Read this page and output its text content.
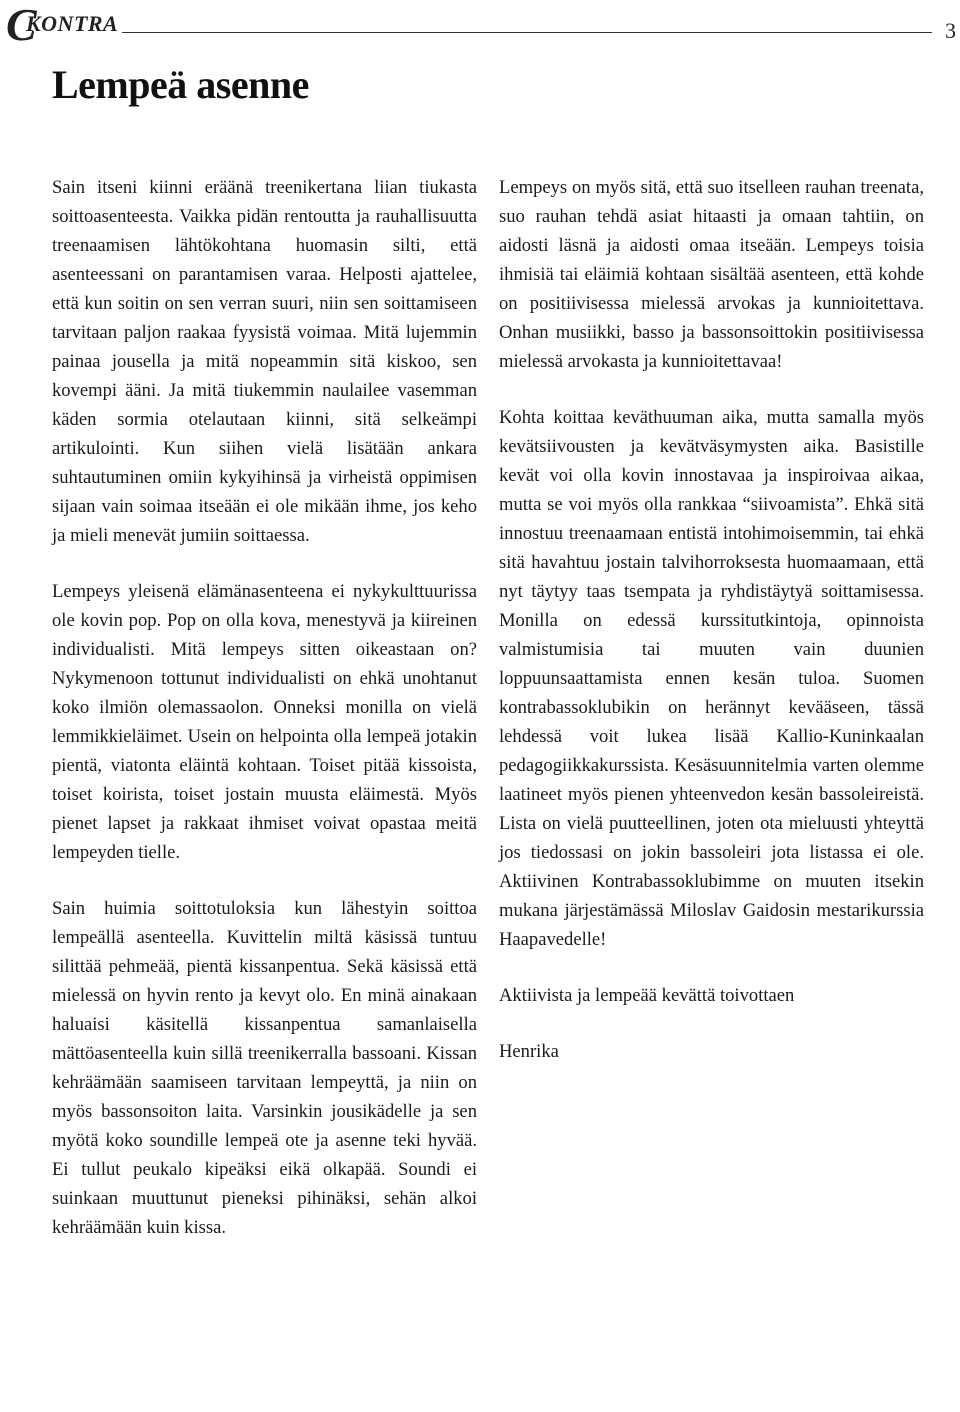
C
KONTRA	3
Lempeä asenne

Sain itseni kiinni eräänä treenikertana liian tiukasta soittoasenteesta. Vaikka pidän rentoutta ja rauhallisuutta treenaamisen lähtökohtana huomasin silti, että asenteessani on parantamisen varaa. Helposti ajattelee, että kun soitin on sen verran suuri, niin sen soittamiseen tarvitaan paljon raakaa fyysistä voimaa. Mitä lujemmin painaa jousella ja mitä nopeammin sitä kiskoo, sen kovempi ääni. Ja mitä tiukemmin naulailee vasemman käden sormia otelautaan kiinni, sitä selkeämpi artikulointi. Kun siihen vielä lisätään ankara suhtautuminen omiin kykyihinsä ja virheistä oppimisen sijaan vain soimaa itseään ei ole mikään ihme, jos keho ja mieli menevät jumiin soittaessa.

Lempeys yleisenä elämänasenteena ei nykykulttuurissa ole kovin pop. Pop on olla kova, menestyvä ja kiireinen individualisti. Mitä lempeys sitten oikeastaan on? Nykymenoon tottunut individualisti on ehkä unohtanut koko ilmiön olemassaolon. Onneksi monilla on vielä lemmikkieläimet. Usein on helpointa olla lempeä jotakin pientä, viatonta eläintä kohtaan. Toiset pitää kissoista, toiset koirista, toiset jostain muusta eläimestä. Myös pienet lapset ja rakkaat ihmiset voivat opastaa meitä lempeyden tielle.

Sain huimia soittotuloksia kun lähestyin soittoa lempeällä asenteella. Kuvittelin miltä käsissä tuntuu silittää pehmeää, pientä kissanpentua. Sekä käsissä että mielessä on hyvin rento ja kevyt olo. En minä ainakaan haluaisi käsitellä kissanpentua samanlaisella mättöasenteella kuin sillä treenikerralla bassoani. Kissan kehräämään saamiseen tarvitaan lempeyttä, ja niin on myös bassonsoiton laita. Varsinkin jousikädelle ja sen myötä koko soundille lempeä ote ja asenne teki hyvää. Ei tullut peukalo kipeäksi eikä olkapää. Soundi ei suinkaan muuttunut pieneksi pihinäksi, sehän alkoi kehräämään kuin kissa.

Lempeys on myös sitä, että suo itselleen rauhan treenata, suo rauhan tehdä asiat hitaasti ja omaan tahtiin, on aidosti läsnä ja aidosti omaa itseään. Lempeys toisia ihmisiä tai eläimiä kohtaan sisältää asenteen, että kohde on positiivisessa mielessä arvokas ja kunnioitettava. Onhan musiikki, basso ja bassonsoittokin positiivisessa mielessä arvokasta ja kunnioitettavaa!

Kohta koittaa keväthuuman aika, mutta samalla myös kevätsiivousten ja kevätväsymysten aika. Basistille kevät voi olla kovin innostavaa ja inspiroivaa aikaa, mutta se voi myös olla rankkaa “siivoamista”. Ehkä sitä innostuu treenaamaan entistä intohimoisemmin, tai ehkä sitä havahtuu jostain talvihorroksesta huomaamaan, että nyt täytyy taas tsempata ja ryhdistäytyä soittamisessa. Monilla on edessä kurssitutkintoja, opinnoista valmistumisia tai muuten vain duunien loppuunsaattamista ennen kesän tuloa. Suomen kontrabassoklubikin on herännyt kevääseen, tässä lehdessä voit lukea lisää Kallio-Kuninkaalan pedagogiikkakurssista. Kesäsuunnitelmia varten olemme laatineet myös pienen yhteenvedon kesän bassoleireistä. Lista on vielä puutteellinen, joten ota mieluusti yhteyttä jos tiedossasi on jokin bassoleiri jota listassa ei ole. Aktiivinen Kontrabassoklubimme on muuten itsekin mukana järjestämässä Miloslav Gaidosin mestarikurssia Haapavedelle!

Aktiivista ja lempeää kevättä toivottaen

Henrika
